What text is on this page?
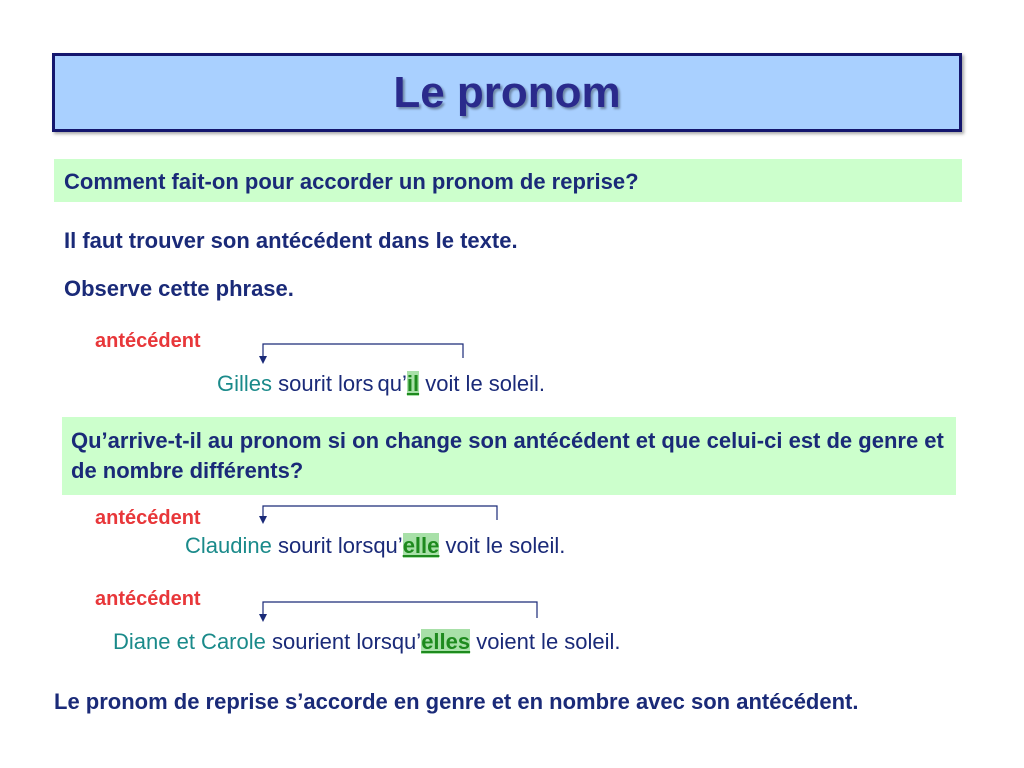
Le pronom
Comment fait-on pour accorder un pronom de reprise?
Il faut trouver son antécédent dans le texte.
Observe cette phrase.
antécédent
Gilles sourit lors qu’il voit le soleil.
Qu’arrive-t-il au pronom si on change son antécédent et que celui-ci est de genre et de nombre différents?
antécédent
Claudine sourit lorsqu’elle voit le soleil.
antécédent
Diane et Carole sourient lorsqu’elles voient le soleil.
Le pronom de reprise s’accorde en genre et en nombre avec son antécédent.
